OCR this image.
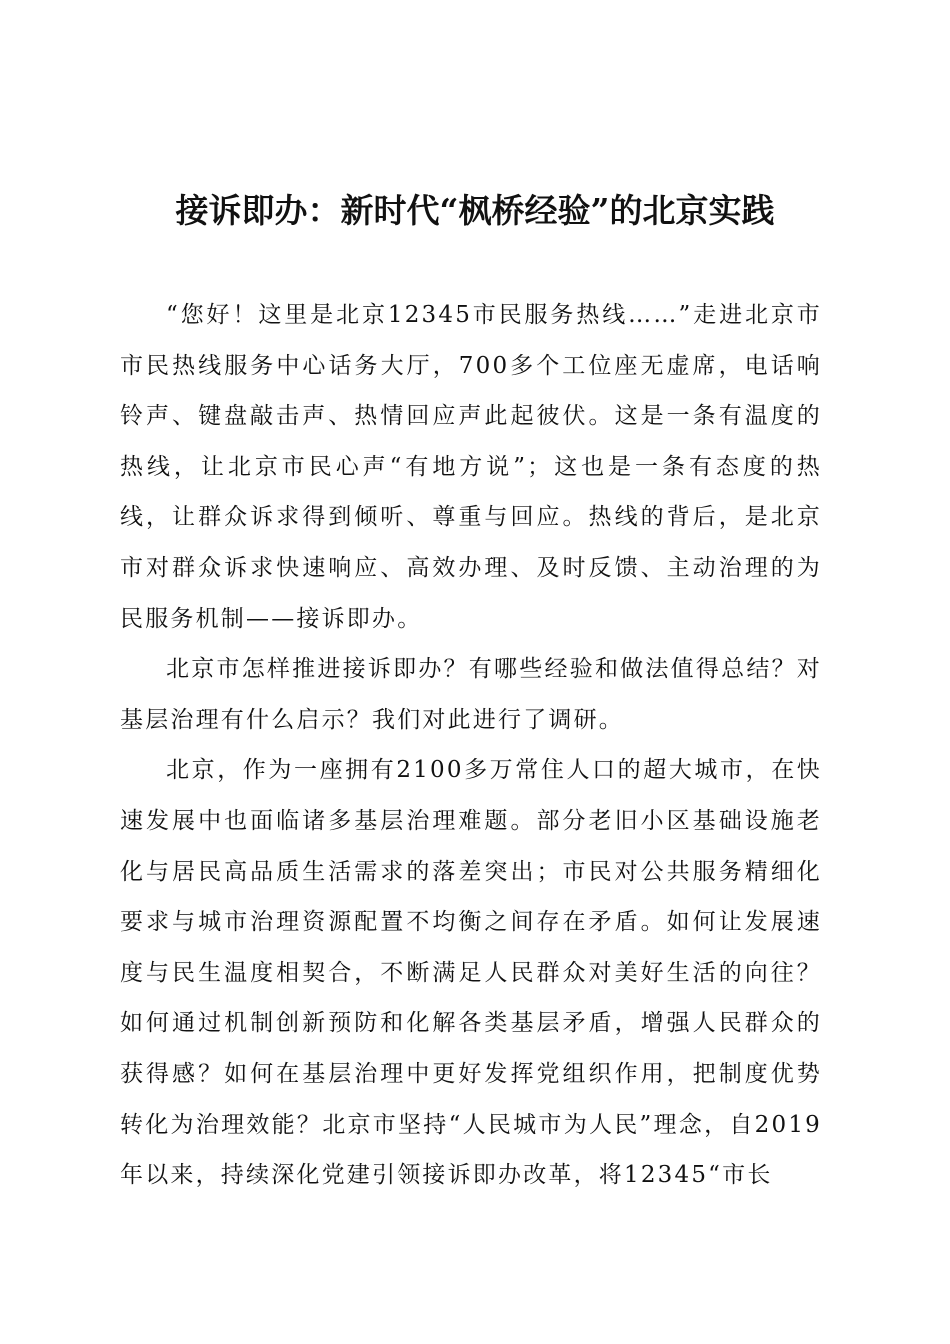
接诉即办：新时代“枫桥经验”的北京实践

“您好！这里是北京12345市民服务热线……”走进北京市市民热线服务中心话务大厅，700多个工位座无虚席，电话响铃声、键盘敲击声、热情回应声此起彼伏。这是一条有温度的热线，让北京市民心声“有地方说”；这也是一条有态度的热线，让群众诉求得到倾听、尊重与回应。热线的背后，是北京市对群众诉求快速响应、高效办理、及时反馈、主动治理的为民服务机制——接诉即办。

北京市怎样推进接诉即办？有哪些经验和做法值得总结？对基层治理有什么启示？我们对此进行了调研。

北京，作为一座拥有2100多万常住人口的超大城市，在快速发展中也面临诸多基层治理难题。部分老旧小区基础设施老化与居民高品质生活需求的落差突出；市民对公共服务精细化要求与城市治理资源配置不均衡之间存在矛盾。如何让发展速度与民生温度相契合，不断满足人民群众对美好生活的向往？如何通过机制创新预防和化解各类基层矛盾，增强人民群众的获得感？如何在基层治理中更好发挥党组织作用，把制度优势转化为治理效能？北京市坚持“人民城市为人民”理念，自2019年以来，持续深化党建引领接诉即办改革，将12345“市长
